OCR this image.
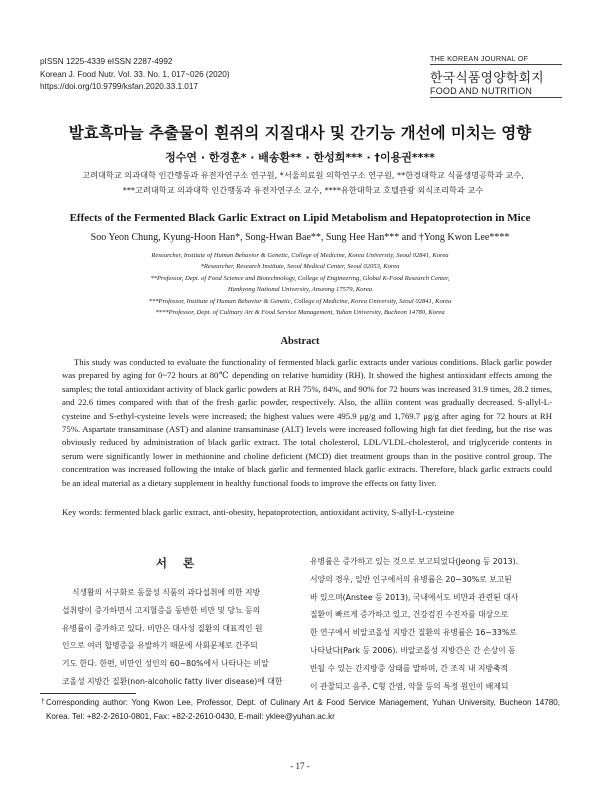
pISSN 1225-4339 eISSN 2287-4992
Korean J. Food Nutr. Vol. 33. No. 1, 017~026 (2020)
https://doi.org/10.9799/ksfan.2020.33.1.017
THE KOREAN JOURNAL OF
한국식품영양학회지
FOOD AND NUTRITION
발효흑마늘 추출물이 흰쥐의 지질대사 및 간기능 개선에 미치는 영향
정수연 · 한경훈* · 배송환** · 한성희*** · †이용권****
고려대학교 의과대학 인간행동과 유전자연구소 연구원, *서울의료원 의학연구소 연구원, **한경대학교 식품생명공학과 교수,
***고려대학교 의과대학 인간행동과 유전자연구소 교수, ****유한대학교 호텔관광 외식조리학과 교수
Effects of the Fermented Black Garlic Extract on Lipid Metabolism and Hepatoprotection in Mice
Soo Yeon Chung, Kyung-Hoon Han*, Song-Hwan Bae**, Sung Hee Han*** and †Yong Kwon Lee****
Researcher, Institute of Human Behavior & Genetic, College of Medicine, Korea University, Seoul 02841, Korea
*Researcher, Research Institute, Seoul Medical Center, Seoul 02053, Korea
**Professor, Dept. of Food Science and Biotechnology, College of Engineering, Global K-Food Research Center,
Hankyong National University, Anseong 17579, Korea
***Professor, Institute of Human Behavior & Genetic, College of Medicine, Korea University, Seoul 02841, Korea
****Professor, Dept. of Culinary Art & Food Service Management, Yuhan University, Bucheon 14780, Korea
Abstract

This study was conducted to evaluate the functionality of fermented black garlic extracts under various conditions. Black garlic powder was prepared by aging for 0~72 hours at 80℃ depending on relative humidity (RH). It showed the highest antioxidant effects among the samples; the total antioxidant activity of black garlic powders at RH 75%, 84%, and 90% for 72 hours was increased 31.9 times, 28.2 times, and 22.6 times compared with that of the fresh garlic powder, respectively. Also, the alliin content was gradually decreased. S-allyl-L-cysteine and S-ethyl-cysteine levels were increased; the highest values were 495.9 μg/g and 1,769.7 μg/g after aging for 72 hours at RH 75%. Aspartate transaminase (AST) and alanine transaminase (ALT) levels were increased following high fat diet feeding, but the rise was obviously reduced by administration of black garlic extract. The total cholesterol, LDL/VLDL-cholesterol, and triglyceride contents in serum were significantly lower in methionine and choline deficient (MCD) diet treatment groups than in the positive control group. The concentration was increased following the intake of black garlic and fermented black garlic extracts. Therefore, black garlic extracts could be an ideal material as a dietary supplement in healthy functional foods to improve the effects on fatty liver.

Key words: fermented black garlic extract, anti-obesity, hepatoprotection, antioxidant activity, S-allyl-L-cysteine
서 론
식생활의 서구화로 동물성 식품의 과다섭취에 의한 지방
섭취량이 증가하면서 고지혈증을 동반한 비만 및 당뇨 등의
유병률이 증가하고 있다. 비만은 대사성 질환의 대표적인 원
인으로 여러 합병증을 유발하기 때문에 사회문제로 간주되
기도 한다. 한편, 비만인 성인의 60~80%에서 나타나는 비알
코올성 지방간 질환(non-alcoholic fatty liver disease)에 대한
유병률은 증가하고 있는 것으로 보고되었다(Jeong 등 2013).
서양의 경우, 일반 인구에서의 유병률은 20~30%로 보고된
바 있으며(Anstee 등 2013), 국내에서도 비만과 관련된 대사
질환이 빠르게 증가하고 있고, 건강검진 수진자를 대상으로
한 연구에서 비알코올성 지방간 질환의 유병률은 16~33%로
나타났다(Park 등 2006). 비알코올성 지방간은 간 손상이 동
반될 수 있는 간지방증 상태를 말하며, 간 조직 내 지방축적
이 관찰되고 음주, C형 간염, 약물 등의 특정 원인이 배제되
† Corresponding author: Yong Kwon Lee, Professor, Dept. of Culinary Art & Food Service Management, Yuhan University, Bucheon 14780, Korea. Tel: +82-2-2610-0801, Fax: +82-2-2610-0430, E-mail: yklee@yuhan.ac.kr
- 17 -
